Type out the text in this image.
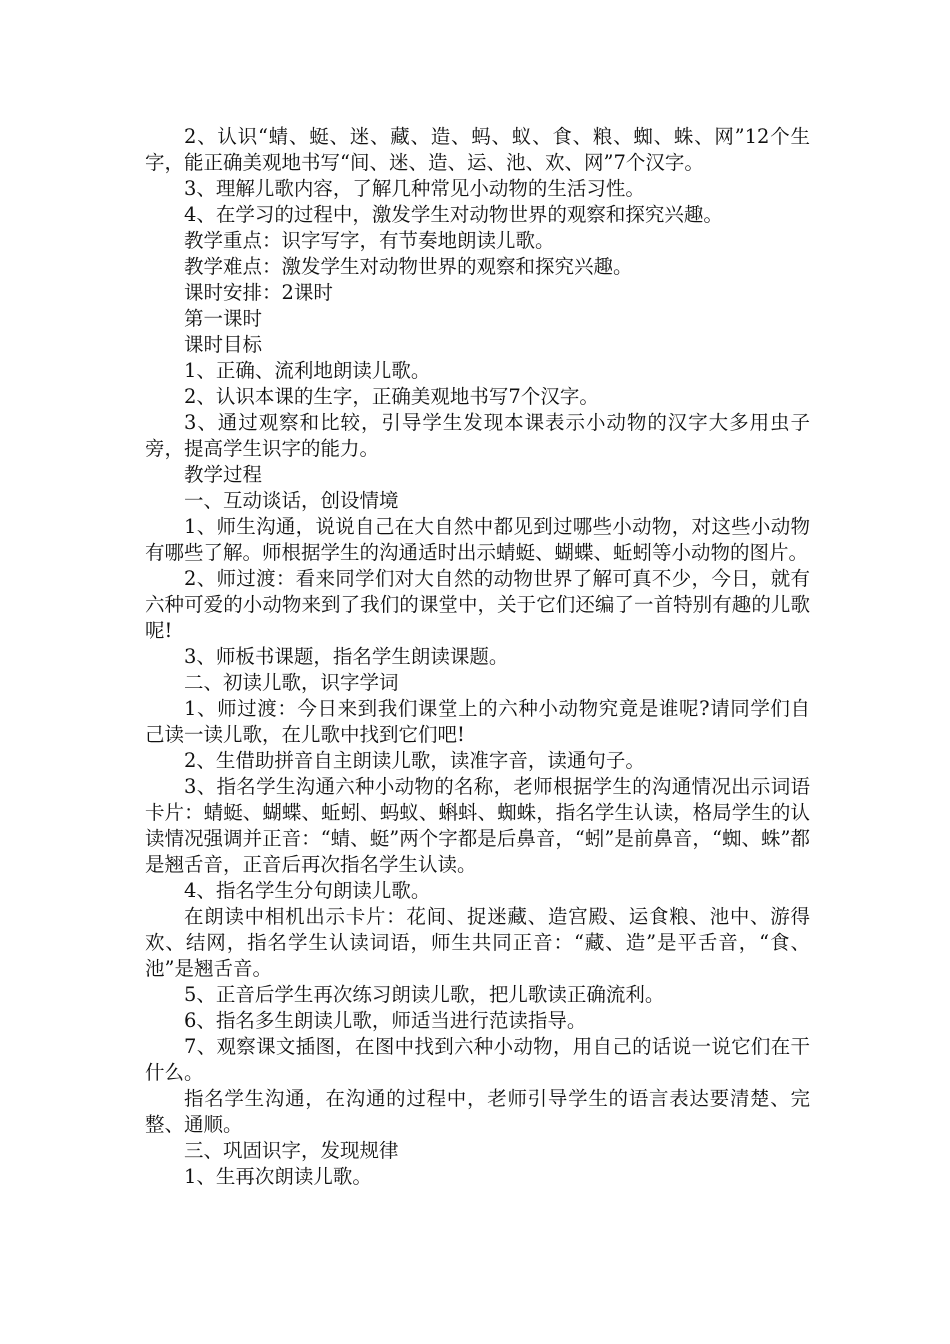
2、认识“蜻、蜓、迷、藏、造、蚂、蚁、食、粮、蜘、蛛、网”12个生字，能正确美观地书写“间、迷、造、运、池、欢、网”7个汉字。

3、理解儿歌内容，了解几种常见小动物的生活习性。

4、在学习的过程中，激发学生对动物世界的观察和探究兴趣。

教学重点：识字写字，有节奏地朗读儿歌。

教学难点：激发学生对动物世界的观察和探究兴趣。

课时安排：2课时

第一课时

课时目标

1、正确、流利地朗读儿歌。

2、认识本课的生字，正确美观地书写7个汉字。

3、通过观察和比较，引导学生发现本课表示小动物的汉字大多用虫子旁，提高学生识字的能力。

教学过程

一、互动谈话，创设情境

1、师生沟通，说说自己在大自然中都见到过哪些小动物，对这些小动物有哪些了解。师根据学生的沟通适时出示蜻蜓、蝴蝶、蚯蚓等小动物的图片。

2、师过渡：看来同学们对大自然的动物世界了解可真不少，今日，就有六种可爱的小动物来到了我们的课堂中，关于它们还编了一首特别有趣的儿歌呢!

3、师板书课题，指名学生朗读课题。

二、初读儿歌，识字学词

1、师过渡：今日来到我们课堂上的六种小动物究竟是谁呢?请同学们自己读一读儿歌，在儿歌中找到它们吧!

2、生借助拼音自主朗读儿歌，读准字音，读通句子。

3、指名学生沟通六种小动物的名称，老师根据学生的沟通情况出示词语卡片：蜻蜓、蝴蝶、蚯蚓、蚂蚁、蝌蚪、蜘蛛，指名学生认读，格局学生的认读情况强调并正音：“蜻、蜓”两个字都是后鼻音，“蚓”是前鼻音，“蜘、蛛”都是翘舌音，正音后再次指名学生认读。

4、指名学生分句朗读儿歌。

在朗读中相机出示卡片：花间、捉迷藏、造宫殿、运食粮、池中、游得欢、结网，指名学生认读词语，师生共同正音：“藏、造”是平舌音，“食、池”是翘舌音。

5、正音后学生再次练习朗读儿歌，把儿歌读正确流利。

6、指名多生朗读儿歌，师适当进行范读指导。

7、观察课文插图，在图中找到六种小动物，用自己的话说一说它们在干什么。

指名学生沟通，在沟通的过程中，老师引导学生的语言表达要清楚、完整、通顺。

三、巩固识字，发现规律

1、生再次朗读儿歌。
